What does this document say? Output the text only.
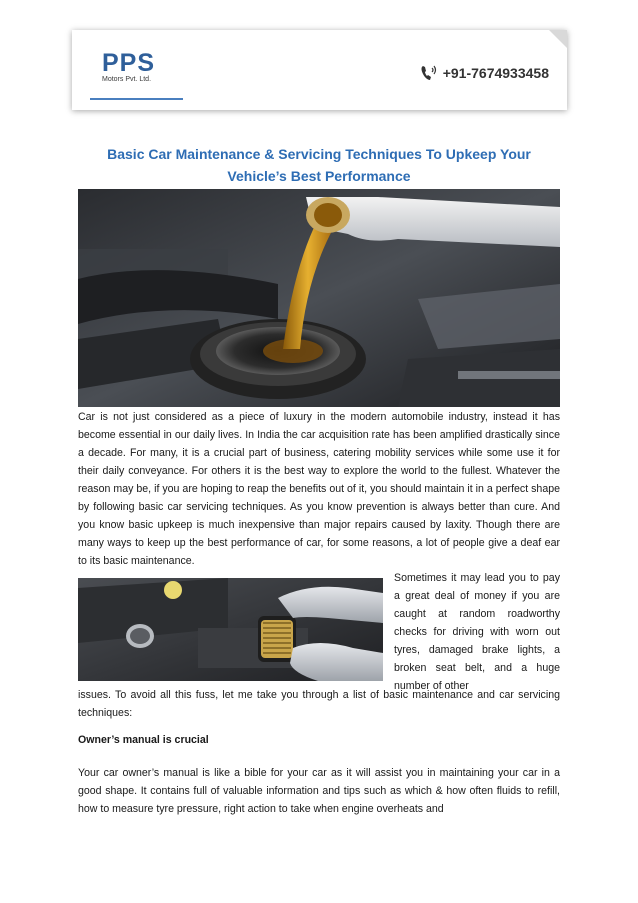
PPS
Motors Pvt. Ltd.	+91-7674933458
Basic Car Maintenance & Servicing Techniques To Upkeep Your
Vehicle’s Best Performance
Car is not just considered as a piece of luxury in the modern automobile industry, instead it has become essential in our daily lives. In India the car acquisition rate has been amplified drastically since a decade. For many, it is a crucial part of business, catering mobility services while some use it for their daily conveyance. For others it is the best way to explore the world to the fullest. Whatever the reason may be, if you are hoping to reap the benefits out of it, you should maintain it in a perfect shape by following basic car servicing techniques. As you know prevention is always better than cure. And you know basic upkeep is much inexpensive than major repairs caused by laxity. Though there are many ways to keep up the best performance of car, for some reasons, a lot of people give a deaf ear to its basic maintenance.
Sometimes it may lead you to pay a great deal of money if you are caught at random roadworthy checks for driving with worn out tyres, damaged brake lights, a broken seat belt, and a huge number of other
issues. To avoid all this fuss, let me take you through a list of basic maintenance and car servicing techniques:
Owner’s manual is crucial
Your car owner’s manual is like a bible for your car as it will assist you in maintaining your car in a good shape. It contains full of valuable information and tips such as which & how often fluids to refill, how to measure tyre pressure, right action to take when engine overheats and
